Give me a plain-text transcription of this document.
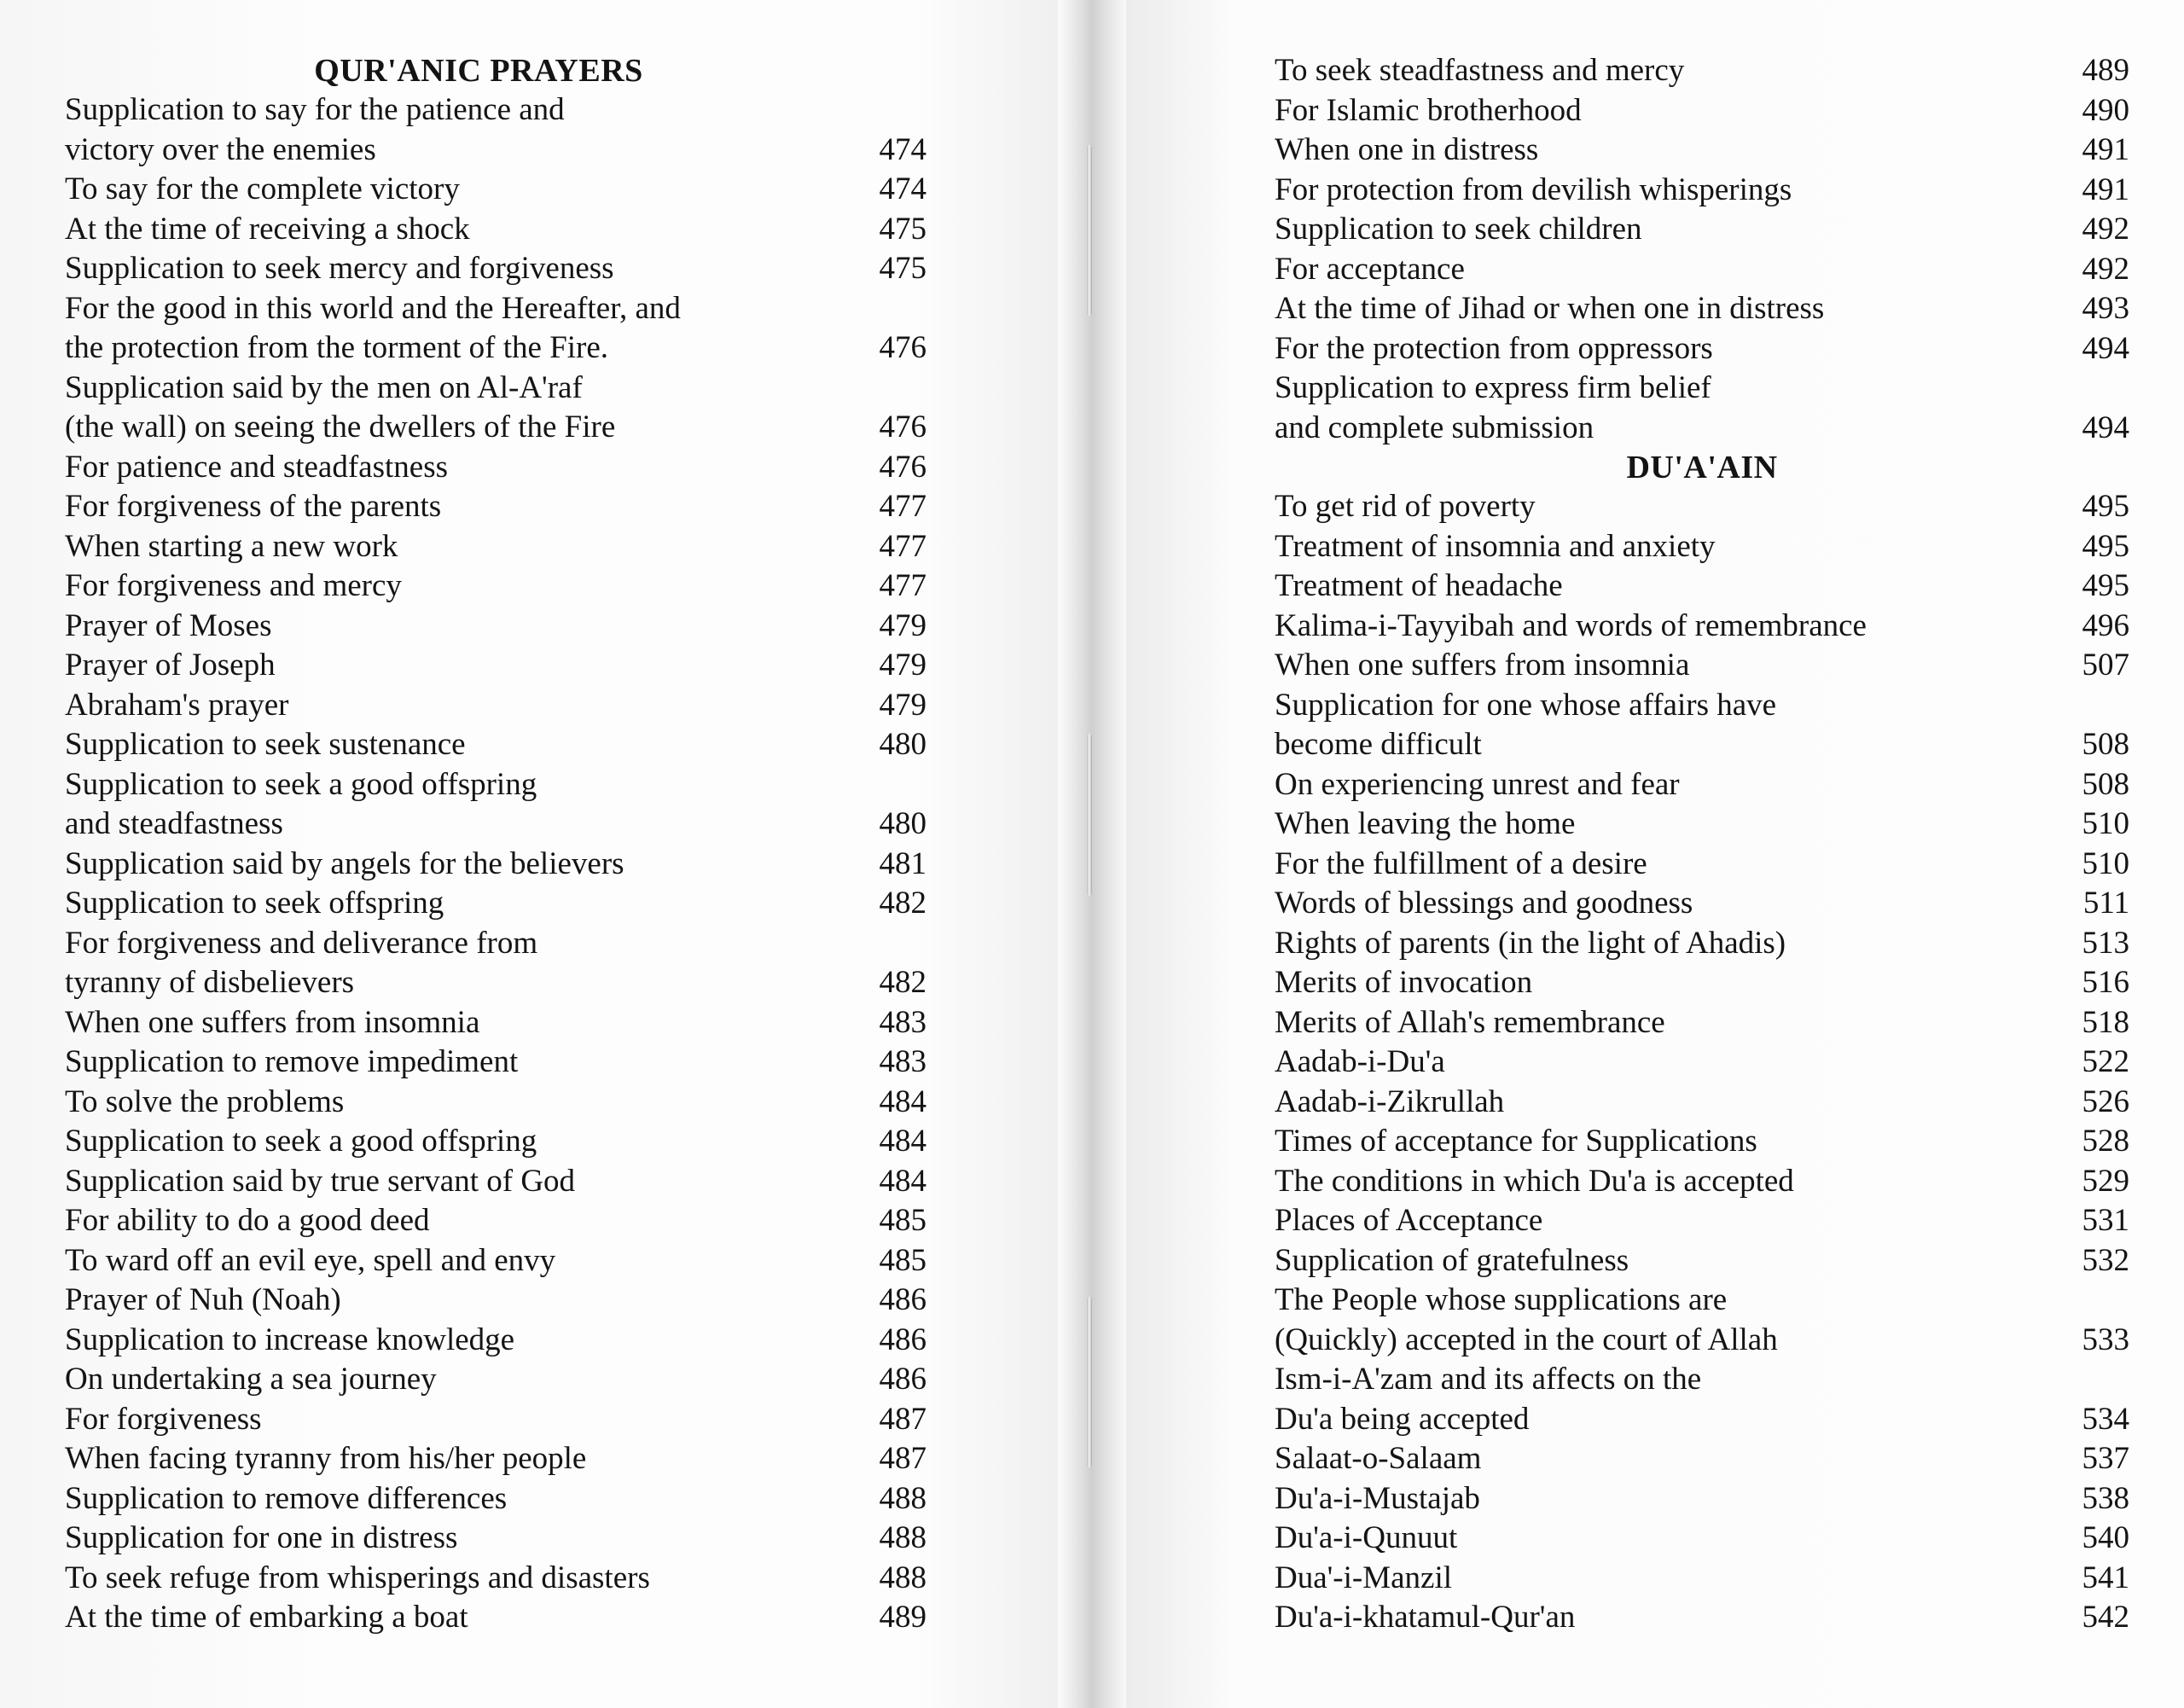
QUR'ANIC PRAYERS
Supplication to say for the patience and
victory over the enemies	474
To say for the complete victory	474
At the time of receiving a shock	475
Supplication to seek mercy and forgiveness	475
For the good in this world and the Hereafter, and
the protection from the torment of the Fire.	476
Supplication said by the men on Al-A'raf
(the wall) on seeing the dwellers of the Fire	476
For patience and steadfastness	476
For forgiveness of the parents	477
When starting a new work	477
For forgiveness and mercy	477
Prayer of Moses	479
Prayer of Joseph	479
Abraham's prayer	479
Supplication to seek sustenance	480
Supplication to seek a good offspring
and steadfastness	480
Supplication said by angels for the believers	481
Supplication to seek offspring	482
For forgiveness and deliverance from
tyranny of disbelievers	482
When one suffers from insomnia	483
Supplication to remove impediment	483
To solve the problems	484
Supplication to seek a good offspring	484
Supplication said by true servant of God	484
For ability to do a good deed	485
To ward off an evil eye, spell and envy	485
Prayer of Nuh (Noah)	486
Supplication to increase knowledge	486
On undertaking a sea journey	486
For forgiveness	487
When facing tyranny from his/her people	487
Supplication to remove differences	488
Supplication for one in distress	488
To seek refuge from whisperings and disasters	488
At the time of embarking a boat	489
To seek steadfastness and mercy	489
For Islamic brotherhood	490
When one in distress	491
For protection from devilish whisperings	491
Supplication to seek children	492
For acceptance	492
At the time of Jihad or when one in distress	493
For the protection from oppressors	494
Supplication to express firm belief
and complete submission	494
DU'A'AIN
To get rid of poverty	495
Treatment of insomnia and anxiety	495
Treatment of headache	495
Kalima-i-Tayyibah and words of remembrance	496
When one suffers from insomnia	507
Supplication for one whose affairs have
become difficult	508
On experiencing unrest and fear	508
When leaving the home	510
For the fulfillment of a desire	510
Words of blessings and goodness	511
Rights of parents (in the light of Ahadis)	513
Merits of invocation	516
Merits of Allah's remembrance	518
Aadab-i-Du'a	522
Aadab-i-Zikrullah	526
Times of acceptance for Supplications	528
The conditions in which Du'a is accepted	529
Places of Acceptance	531
Supplication of gratefulness	532
The People whose supplications are
(Quickly) accepted in the court of Allah	533
Ism-i-A'zam and its affects on the
Du'a being accepted	534
Salaat-o-Salaam	537
Du'a-i-Mustajab	538
Du'a-i-Qunuut	540
Dua'-i-Manzil	541
Du'a-i-khatamul-Qur'an	542
